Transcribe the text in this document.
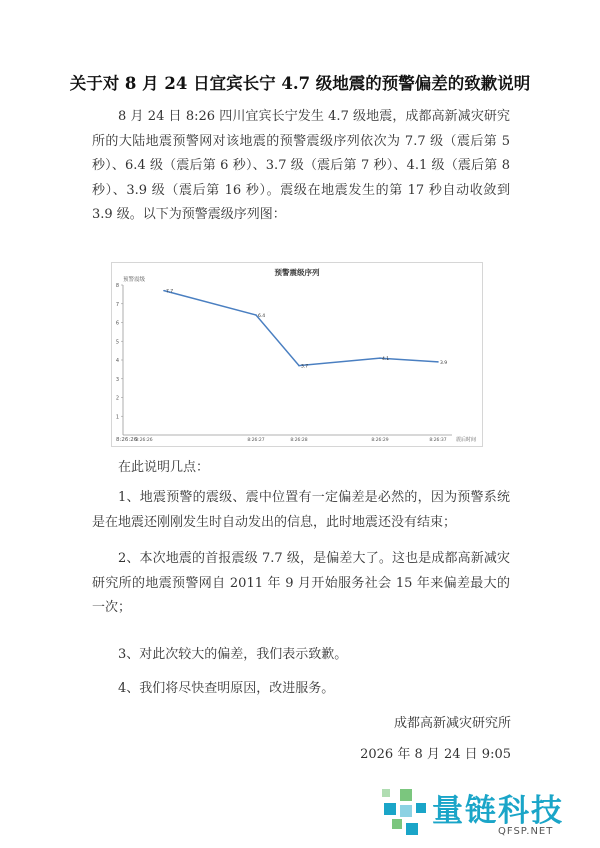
关于对 8 月 24 日宜宾长宁 4.7 级地震的预警偏差的致歉说明

8 月 24 日 8:26 四川宜宾长宁发生 4.7 级地震，成都高新减灾研究所的大陆地震预警网对该地震的预警震级序列依次为 7.7 级（震后第 5 秒）、6.4 级（震后第 6 秒）、3.7 级（震后第 7 秒）、4.1 级（震后第 8 秒）、3.9 级（震后第 16 秒）。震级在地震发生的第 17 秒自动收敛到 3.9 级。以下为预警震级序列图：

预警震级序列
预警震级
1
2
3
4
5
6
7
8
8:26:26	8:26:27	8:26:28	8:26:29	8:26:37
8:26:26	震后时间
7.7
6.4
3.7
4.1
3.9
在此说明几点：

1、地震预警的震级、震中位置有一定偏差是必然的，因为预警系统是在地震还刚刚发生时自动发出的信息，此时地震还没有结束；

2、本次地震的首报震级 7.7 级，是偏差大了。这也是成都高新减灾研究所的地震预警网自 2011 年 9 月开始服务社会 15 年来偏差最大的一次；

3、对此次较大的偏差，我们表示致歉。

4、我们将尽快查明原因，改进服务。

成都高新减灾研究所
2026 年 8 月 24 日 9:05
量链科技
QFSP.NET
